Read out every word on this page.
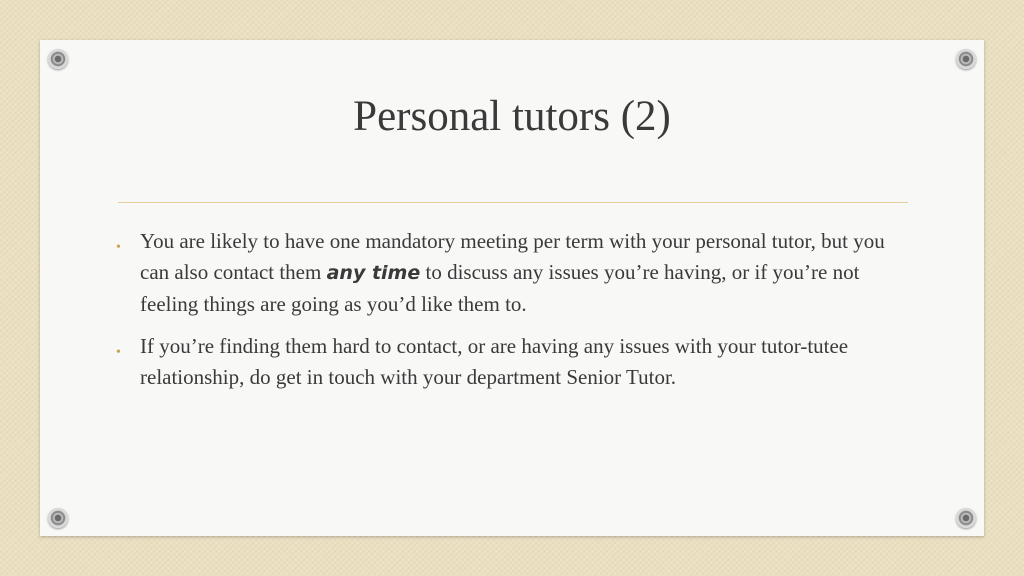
Personal tutors (2)
• You are likely to have one mandatory meeting per term with your personal tutor, but you can also contact them any time to discuss any issues you’re having, or if you’re not feeling things are going as you’d like them to.
• If you’re finding them hard to contact, or are having any issues with your tutor-tutee relationship, do get in touch with your department Senior Tutor.
